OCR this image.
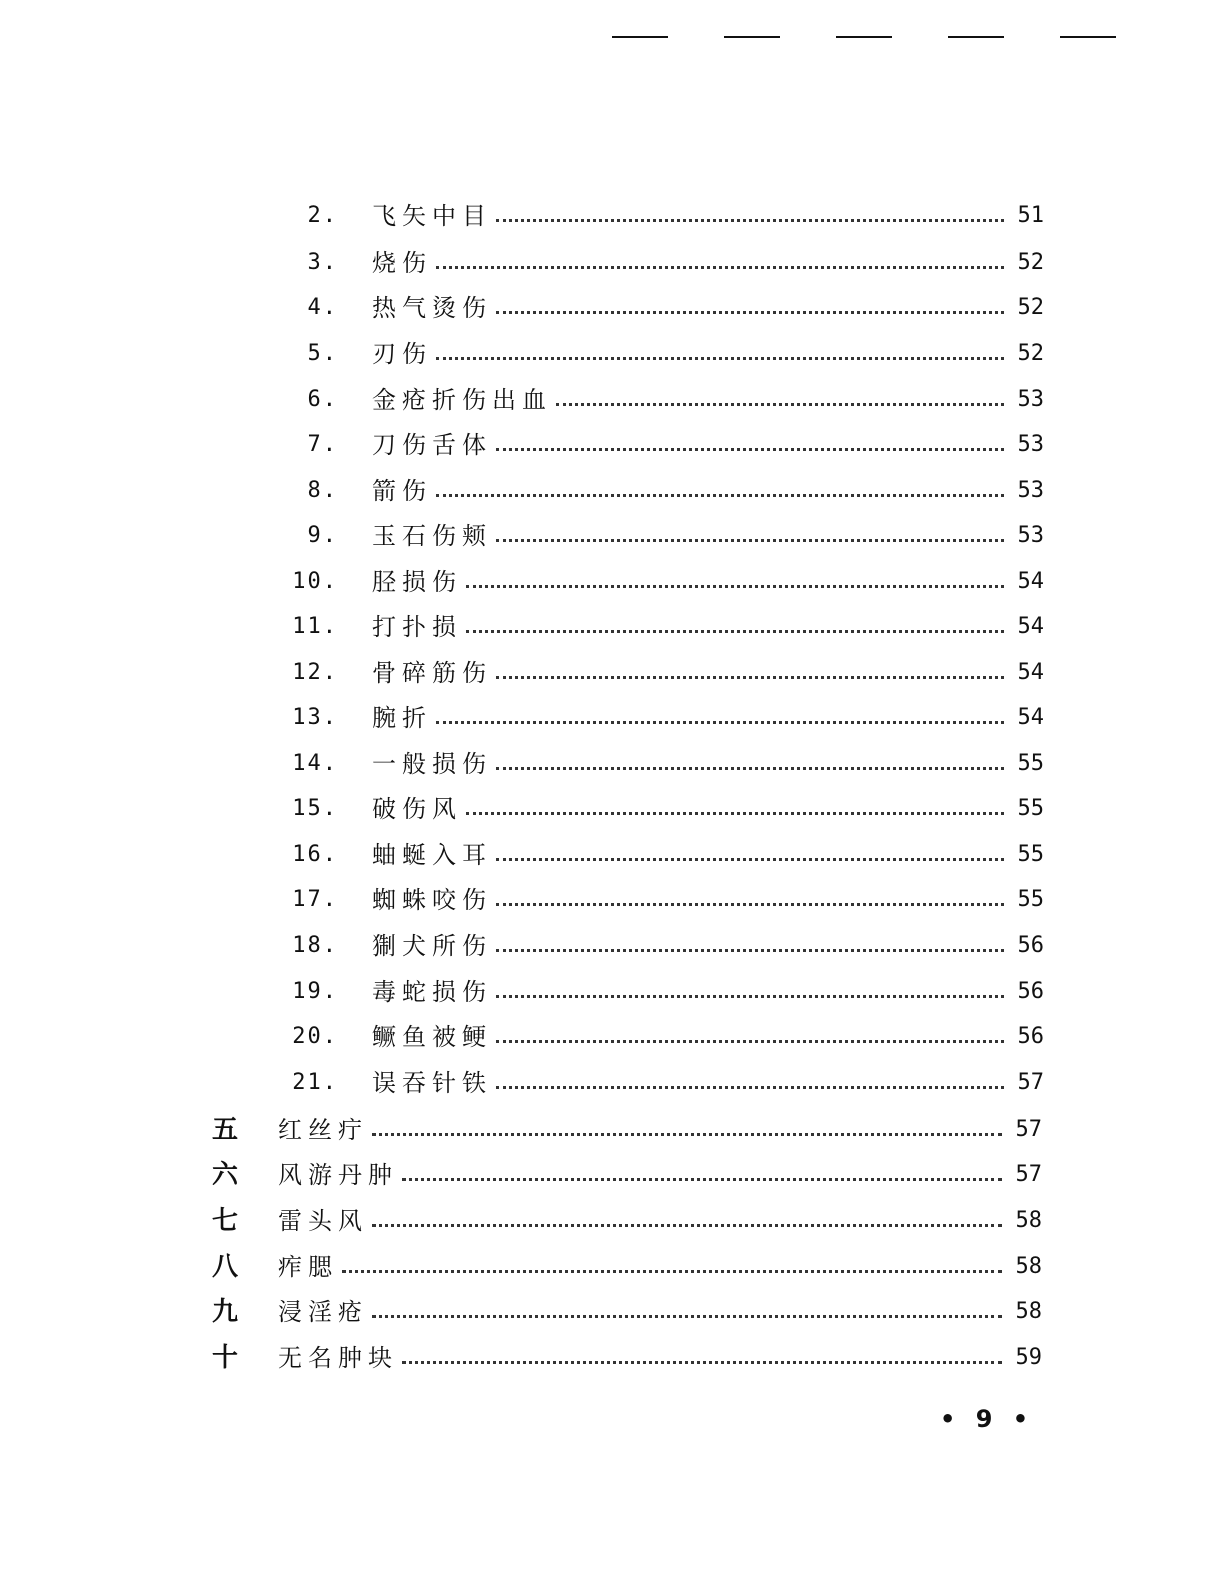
2. 飞矢中目	51
3. 烧伤	52
4. 热气烫伤	52
5. 刃伤	52
6. 金疮折伤出血	53
7. 刀伤舌体	53
8. 箭伤	53
9. 玉石伤颊	53
10. 胫损伤	54
11. 打扑损	54
12. 骨碎筋伤	54
13. 腕折	54
14. 一般损伤	55
15. 破伤风	55
16. 蚰蜒入耳	55
17. 蜘蛛咬伤	55
18. 猘犬所伤	56
19. 毒蛇损伤	56
20. 鳜鱼被鲠	56
21. 误吞针铁	57
五	红丝疔	57
六	风游丹肿	57
七	雷头风	58
八	痄腮	58
九	浸淫疮	58
十	无名肿块	59
• 9 •
